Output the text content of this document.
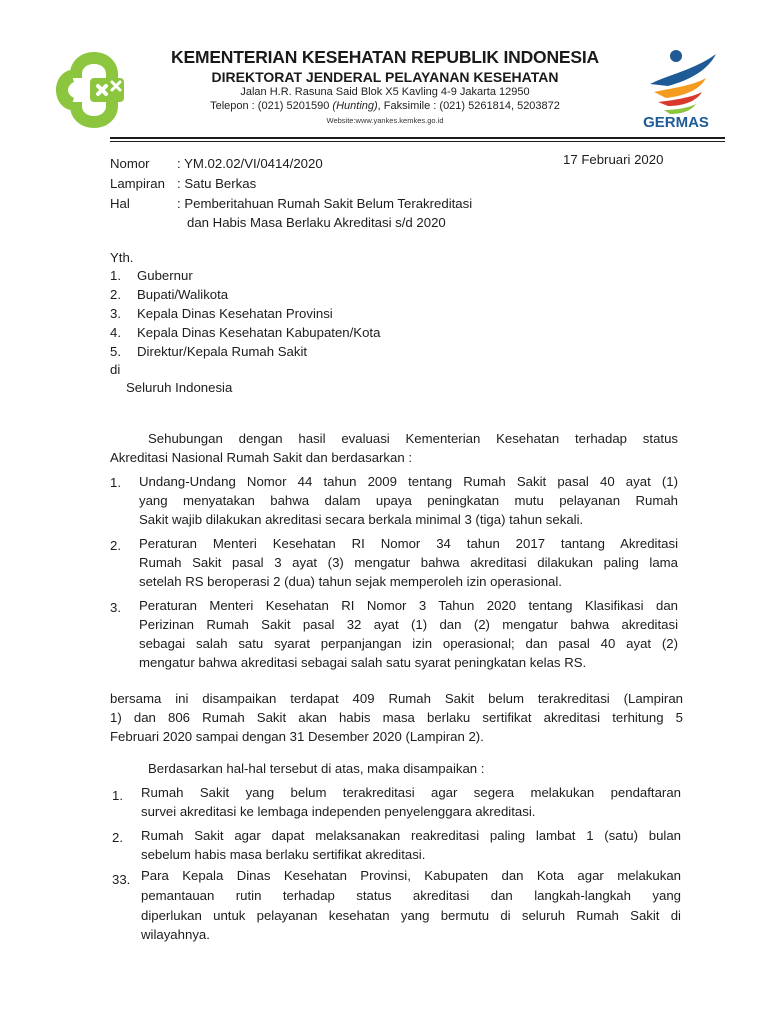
KEMENTERIAN KESEHATAN REPUBLIK INDONESIA
DIREKTORAT JENDERAL PELAYANAN KESEHATAN
Jalan H.R. Rasuna Said Blok X5 Kavling 4-9 Jakarta 12950
Telepon : (021) 5201590 (Hunting), Faksimile : (021) 5261814, 5203872
Website:www.yankes.kemkes.go.id	GERMAS
Nomor : YM.02.02/VI/0414/2020	17 Februari 2020
Lampiran : Satu Berkas
Hal	: Pemberitahuan Rumah Sakit Belum Terakreditasi
dan Habis Masa Berlaku Akreditasi s/d 2020
Yth.
1. Gubernur
2. Bupati/Walikota
3. Kepala Dinas Kesehatan Provinsi
4. Kepala Dinas Kesehatan Kabupaten/Kota
5. Direktur/Kepala Rumah Sakit
di
Seluruh Indonesia
Sehubungan dengan hasil evaluasi Kementerian Kesehatan terhadap status
Akreditasi Nasional Rumah Sakit dan berdasarkan :
1. Undang-Undang Nomor 44 tahun 2009 tentang Rumah Sakit pasal 40 ayat (1)
yang menyatakan bahwa dalam upaya peningkatan mutu pelayanan Rumah
Sakit wajib dilakukan akreditasi secara berkala minimal 3 (tiga) tahun sekali.
2. Peraturan Menteri Kesehatan RI Nomor 34 tahun 2017 tantang Akreditasi
Rumah Sakit pasal 3 ayat (3) mengatur bahwa akreditasi dilakukan paling lama
setelah RS beroperasi 2 (dua) tahun sejak memperoleh izin operasional.
3. Peraturan Menteri Kesehatan RI Nomor 3 Tahun 2020 tentang Klasifikasi dan
Perizinan Rumah Sakit pasal 32 ayat (1) dan (2) mengatur bahwa akreditasi
sebagai salah satu syarat perpanjangan izin operasional; dan pasal 40 ayat (2)
mengatur bahwa akreditasi sebagai salah satu syarat peningkatan kelas RS.
bersama ini disampaikan terdapat 409 Rumah Sakit belum terakreditasi (Lampiran
1) dan 806 Rumah Sakit akan habis masa berlaku sertifikat akreditasi terhitung 5
Februari 2020 sampai dengan 31 Desember 2020 (Lampiran 2).
Berdasarkan hal-hal tersebut di atas, maka disampaikan :
1. Rumah Sakit yang belum terakreditasi agar segera melakukan pendaftaran
survei akreditasi ke lembaga independen penyelenggara akreditasi.
2. Rumah Sakit agar dapat melaksanakan reakreditasi paling lambat 1 (satu) bulan
sebelum habis masa berlaku sertifikat akreditasi.
33. Para Kepala Dinas Kesehatan Provinsi, Kabupaten dan Kota agar melakukan
pemantauan rutin terhadap status akreditasi dan langkah-langkah yang
diperlukan untuk pelayanan kesehatan yang bermutu di seluruh Rumah Sakit di
wilayahnya.
